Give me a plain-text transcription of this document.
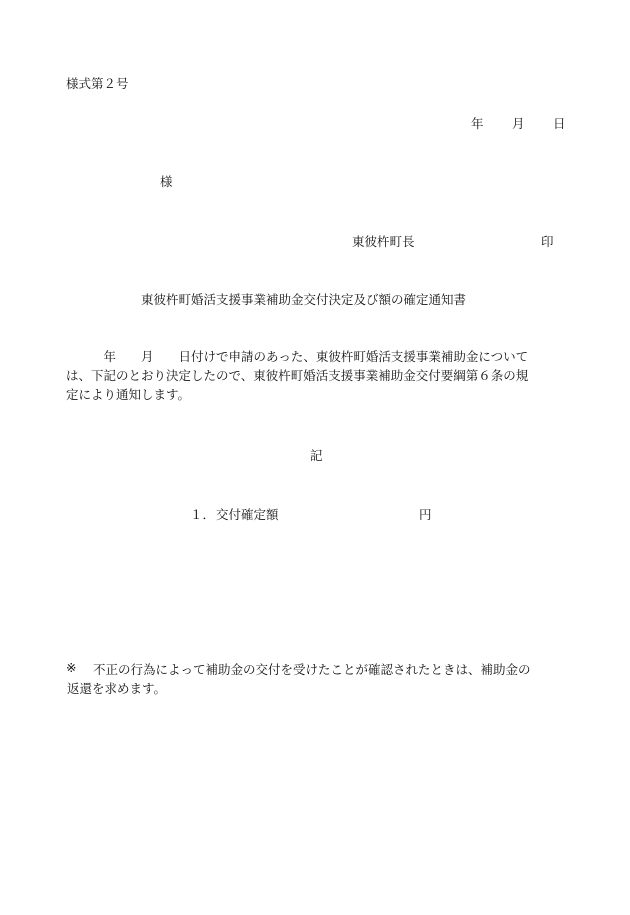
様式第２号
年 月 日
様
東彼杵町長	印
東彼杵町婚活支援事業補助金交付決定及び額の確定通知書
　　　年　　月　　日付けで申請のあった、東彼杵町婚活支援事業補助金について
は、下記のとおり決定したので、東彼杵町婚活支援事業補助金交付要綱第６条の規
定により通知します。
記
１． 交付確定額	円
※ 不正の行為によって補助金の交付を受けたことが確認されたときは、補助金の
返還を求めます。
